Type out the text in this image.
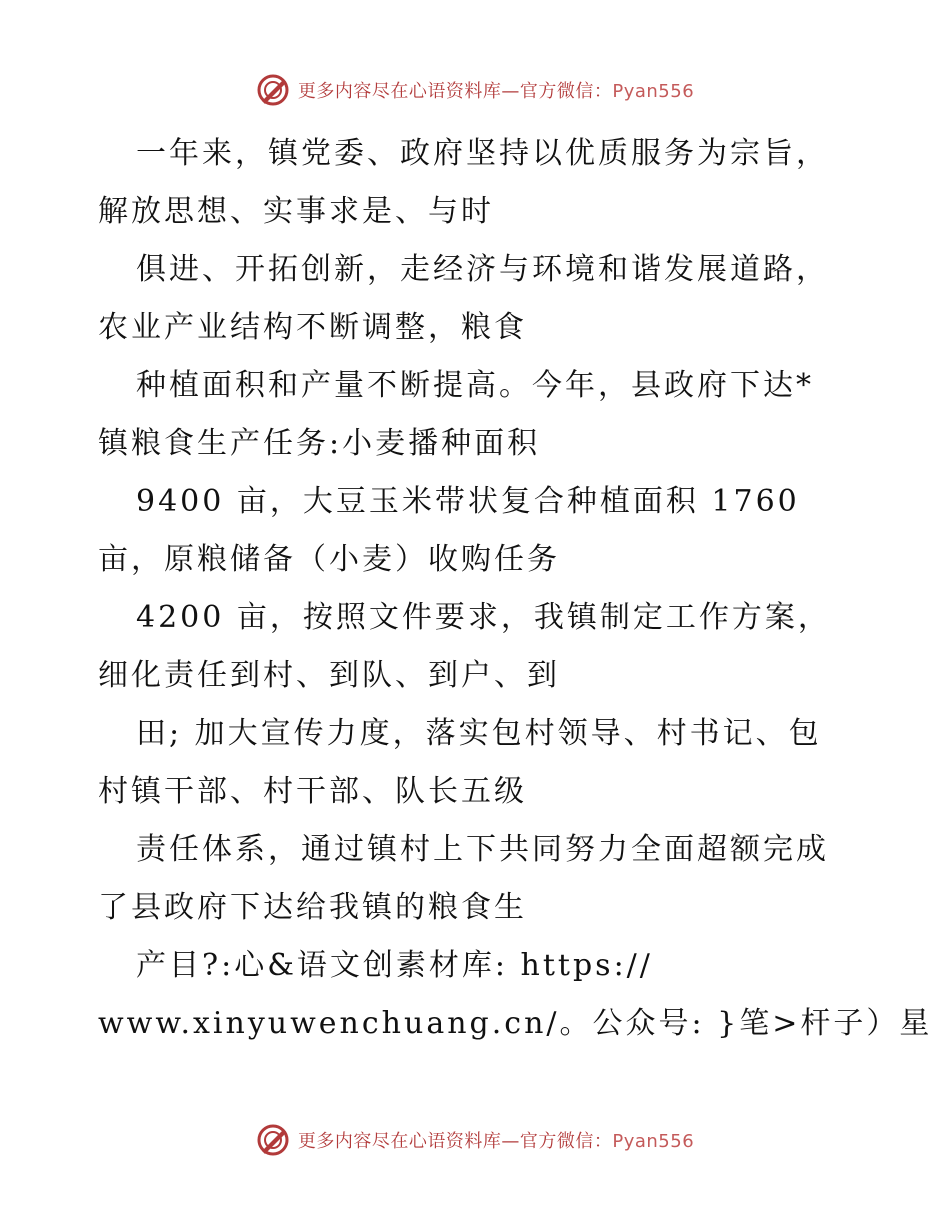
更多内容尽在心语资料库—官方微信：Pyan556
一年来，镇党委、政府坚持以优质服务为宗旨，
解放思想、实事求是、与时
俱进、开拓创新，走经济与环境和谐发展道路，
农业产业结构不断调整，粮食
种植面积和产量不断提高。今年，县政府下达*
镇粮食生产任务:小麦播种面积
9400 亩，大豆玉米带状复合种植面积 1760
亩，原粮储备（小麦）收购任务
4200 亩，按照文件要求，我镇制定工作方案，
细化责任到村、到队、到户、到
田; 加大宣传力度，落实包村领导、村书记、包
村镇干部、村干部、队长五级
责任体系，通过镇村上下共同努力全面超额完成
了县政府下达给我镇的粮食生
产目?:心&语文创素材库: https://
www.xinyuwenchuang.cn/。公众号: }笔>杆子）星
更多内容尽在心语资料库—官方微信：Pyan556
